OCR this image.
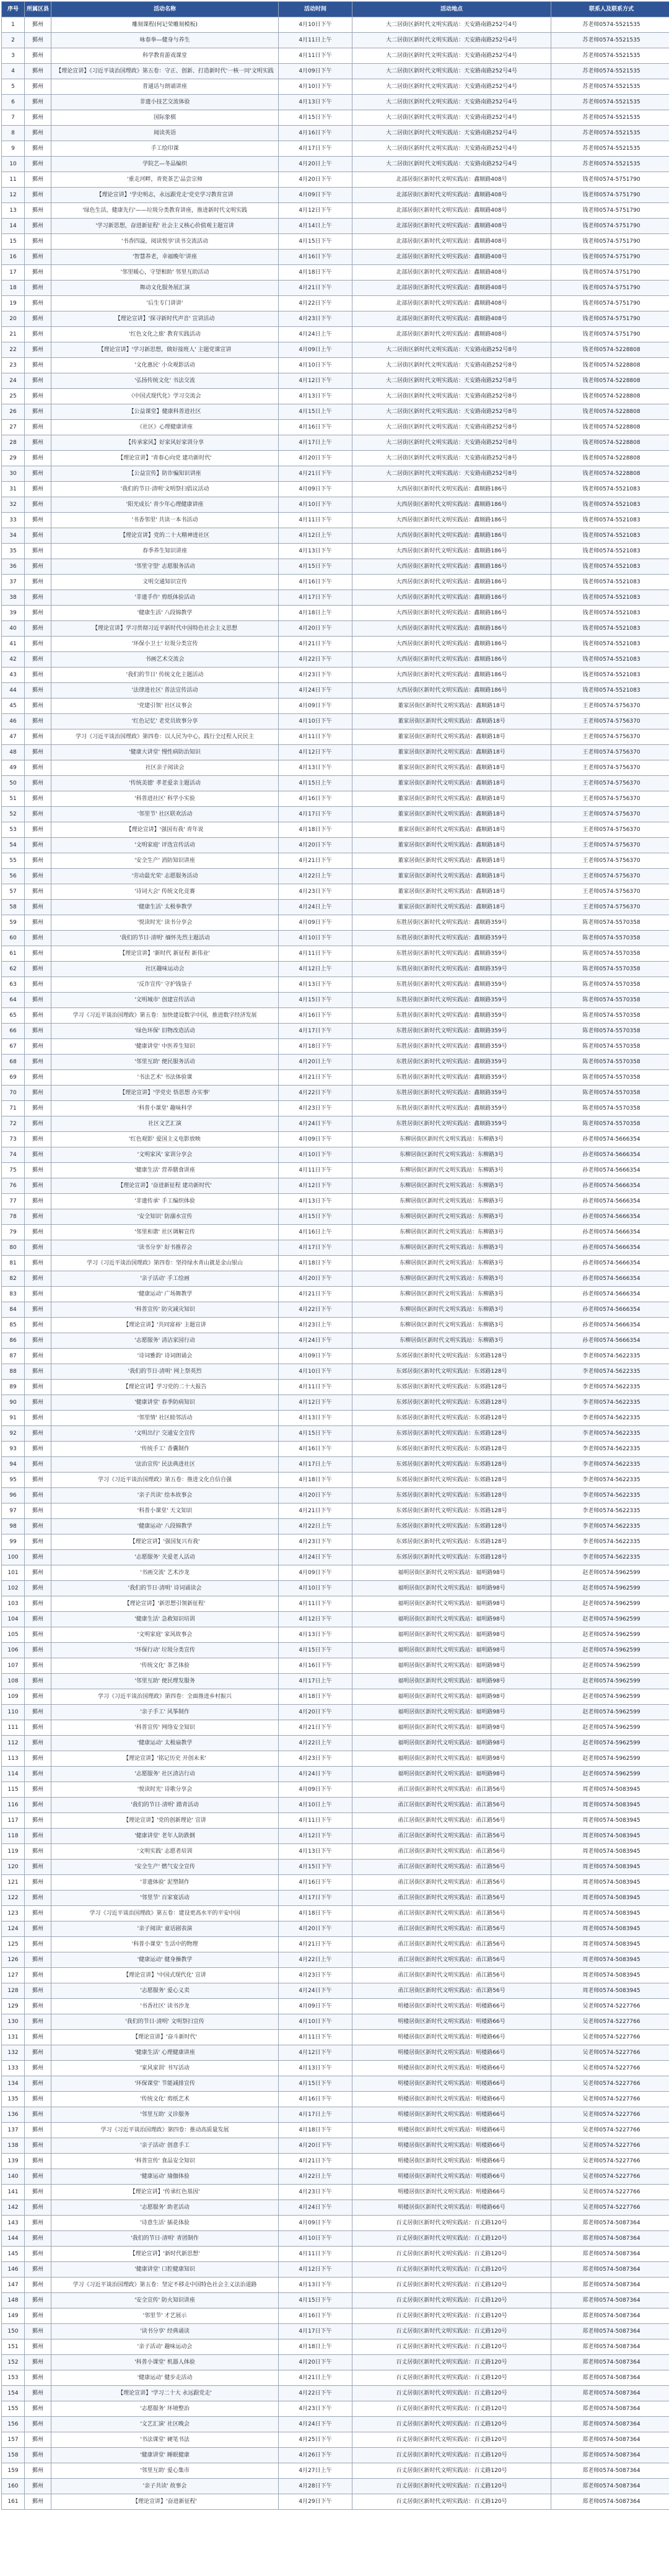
序号	所属区县	活动名称	活动时间	活动地点	联系人及联系方式
1	鄞州	雕刻课程(何记荣雕刻模板)	4月10日下午	大二居街区新时代文明实践站：天安路南路252号4号	苏老师0574-5521535
2	鄞州	咏春拳—健身与养生	4月11日上午	大二居街区新时代文明实践站：天安路南路252号4号	苏老师0574-5521535
3	鄞州	科学教育游戏课堂	4月11日下午	大二居街区新时代文明实践站：天安路南路252号4号	苏老师0574-5521535
4	鄞州	【理论宣讲】《习近平谈治国理政》第五卷：守正、创新、打造新时代'一核一同'文明实践	4月09日下午	大二居街区新时代文明实践站：天安路南路252号4号	苏老师0574-5521535
5	鄞州	普通话与朗诵讲座	4月10日下午	大二居街区新时代文明实践站：天安路南路252号4号	苏老师0574-5521535
6	鄞州	非遗小技艺交流体验	4月13日下午	大二居街区新时代文明实践站：天安路南路252号4号	苏老师0574-5521535
7	鄞州	国际象棋	4月15日下午	大二居街区新时代文明实践站：天安路南路252号4号	苏老师0574-5521535
8	鄞州	阅读英语	4月16日下午	大二居街区新时代文明实践站：天安路南路252号4号	苏老师0574-5521535
9	鄞州	手工绘印课	4月17日下午	大二居街区新时代文明实践站：天安路南路252号4号	苏老师0574-5521535
10	鄞州	学院艺—冬品编织	4月20日上午	大二居街区新时代文明实践站：天安路南路252号4号	苏老师0574-5521535
11	鄞州	'重走河畔，青瓷茶艺'品尝宗师	4月20日下午	北部居街区新时代文明实践站：鑫顺路408号	钱老师0574-5751790
12	鄞州	【理论宣讲】'学史明志，永远跟党走'党史学习教育宣讲	4月09日下午	北部居街区新时代文明实践站：鑫顺路408号	钱老师0574-5751790
13	鄞州	'绿色生活，健康先行'——垃圾分类教育讲座，推进新时代文明实践	4月12日下午	北部居街区新时代文明实践站：鑫顺路408号	钱老师0574-5751790
14	鄞州	'学习新思想，奋进新征程' 社会主义核心价值观主题宣讲	4月14日上午	北部居街区新时代文明实践站：鑫顺路408号	钱老师0574-5751790
15	鄞州	'书香四溢，阅读悦享'读书交流活动	4月15日下午	北部居街区新时代文明实践站：鑫顺路408号	钱老师0574-5751790
16	鄞州	'智慧养老，幸福晚年'讲座	4月16日下午	北部居街区新时代文明实践站：鑫顺路408号	钱老师0574-5751790
17	鄞州	'邻里暖心，守望相助' 邻里互助活动	4月18日下午	北部居街区新时代文明实践站：鑫顺路408号	钱老师0574-5751790
18	鄞州	舞动文化服务展汇演	4月21日下午	北部居街区新时代文明实践站：鑫顺路408号	钱老师0574-5751790
19	鄞州	'后生专门讲讲'	4月22日下午	北部居街区新时代文明实践站：鑫顺路408号	钱老师0574-5751790
20	鄞州	【理论宣讲】'探寻新时代声音' 宣讲活动	4月23日下午	北部居街区新时代文明实践站：鑫顺路408号	钱老师0574-5751790
21	鄞州	'红色文化之旅' 教育实践活动	4月24日上午	北部居街区新时代文明实践站：鑫顺路408号	钱老师0574-5751790
22	鄞州	【理论宣讲】'学习新思想，做好接班人' 主题党课宣讲	4月09日上午	大二居街区新时代文明实践站：天安路南路252号8号	钱老师0574-5228808
23	鄞州	'文化惠民' 小众观影活动	4月10日下午	大二居街区新时代文明实践站：天安路南路252号8号	钱老师0574-5228808
24	鄞州	'弘扬传统文化' 书法交流	4月12日下午	大二居街区新时代文明实践站：天安路南路252号8号	钱老师0574-5228808
25	鄞州	《中国式现代化》学习交流会	4月13日下午	大二居街区新时代文明实践站：天安路南路252号8号	钱老师0574-5228808
26	鄞州	【公益课堂】健康科普进社区	4月15日上午	大二居街区新时代文明实践站：天安路南路252号8号	钱老师0574-5228808
27	鄞州	《社区》心理健康讲座	4月16日下午	大二居街区新时代文明实践站：天安路南路252号8号	钱老师0574-5228808
28	鄞州	【传承家风】好家风好家训分享	4月17日上午	大二居街区新时代文明实践站：天安路南路252号8号	钱老师0574-5228808
29	鄞州	【理论宣讲】'青春心向党 建功新时代'	4月20日下午	大二居街区新时代文明实践站：天安路南路252号8号	钱老师0574-5228808
30	鄞州	【公益宣传】防诈骗知识讲座	4月21日下午	大二居街区新时代文明实践站：天安路南路252号8号	钱老师0574-5228808
31	鄞州	'我们的节日·清明'文明祭扫倡议活动	4月09日下午	大西居街区新时代文明实践站：鑫顺路186号	钱老师0574-5521083
32	鄞州	'阳光成长' 青少年心理健康讲座	4月10日下午	大西居街区新时代文明实践站：鑫顺路186号	钱老师0574-5521083
33	鄞州	'书香邻里' 共读一本书活动	4月11日下午	大西居街区新时代文明实践站：鑫顺路186号	钱老师0574-5521083
34	鄞州	【理论宣讲】党的二十大精神进社区	4月12日上午	大西居街区新时代文明实践站：鑫顺路186号	钱老师0574-5521083
35	鄞州	春季养生知识讲座	4月13日下午	大西居街区新时代文明实践站：鑫顺路186号	钱老师0574-5521083
36	鄞州	'邻里守望' 志愿服务活动	4月15日下午	大西居街区新时代文明实践站：鑫顺路186号	钱老师0574-5521083
37	鄞州	文明交通知识宣传	4月16日下午	大西居街区新时代文明实践站：鑫顺路186号	钱老师0574-5521083
38	鄞州	'非遗手作' 剪纸体验活动	4月17日下午	大西居街区新时代文明实践站：鑫顺路186号	钱老师0574-5521083
39	鄞州	'健康生活' 八段锦教学	4月18日上午	大西居街区新时代文明实践站：鑫顺路186号	钱老师0574-5521083
40	鄞州	【理论宣讲】学习贯彻习近平新时代中国特色社会主义思想	4月20日下午	大西居街区新时代文明实践站：鑫顺路186号	钱老师0574-5521083
41	鄞州	'环保小卫士' 垃圾分类宣传	4月21日下午	大西居街区新时代文明实践站：鑫顺路186号	钱老师0574-5521083
42	鄞州	书画艺术交流会	4月22日下午	大西居街区新时代文明实践站：鑫顺路186号	钱老师0574-5521083
43	鄞州	'我们的节日' 传统文化主题活动	4月23日下午	大西居街区新时代文明实践站：鑫顺路186号	钱老师0574-5521083
44	鄞州	'法律进社区' 普法宣传活动	4月24日下午	大西居街区新时代文明实践站：鑫顺路186号	钱老师0574-5521083
45	鄞州	'党建引领' 社区议事会	4月09日下午	董家居街区新时代文明实践站：鑫顺路18号	王老师0574-5756370
46	鄞州	'红色记忆' 老党员故事分享	4月10日下午	董家居街区新时代文明实践站：鑫顺路18号	王老师0574-5756370
47	鄞州	学习《习近平谈治国理政》第四卷：以人民为中心，践行全过程人民民主	4月11日下午	董家居街区新时代文明实践站：鑫顺路18号	王老师0574-5756370
48	鄞州	'健康大讲堂' 慢性病防治知识	4月12日下午	董家居街区新时代文明实践站：鑫顺路18号	王老师0574-5756370
49	鄞州	社区亲子阅读会	4月13日下午	董家居街区新时代文明实践站：鑫顺路18号	王老师0574-5756370
50	鄞州	'传统美德' 孝老爱亲主题活动	4月15日上午	董家居街区新时代文明实践站：鑫顺路18号	王老师0574-5756370
51	鄞州	'科普进社区' 科学小实验	4月16日下午	董家居街区新时代文明实践站：鑫顺路18号	王老师0574-5756370
52	鄞州	'邻里节' 社区联欢活动	4月17日下午	董家居街区新时代文明实践站：鑫顺路18号	王老师0574-5756370
53	鄞州	【理论宣讲】'强国有我' 青年说	4月18日下午	董家居街区新时代文明实践站：鑫顺路18号	王老师0574-5756370
54	鄞州	'文明家庭' 评选宣传活动	4月20日下午	董家居街区新时代文明实践站：鑫顺路18号	王老师0574-5756370
55	鄞州	'安全生产' 消防知识讲座	4月21日下午	董家居街区新时代文明实践站：鑫顺路18号	王老师0574-5756370
56	鄞州	'劳动最光荣' 志愿服务活动	4月22日上午	董家居街区新时代文明实践站：鑫顺路18号	王老师0574-5756370
57	鄞州	'诗词大会' 传统文化竞赛	4月23日下午	董家居街区新时代文明实践站：鑫顺路18号	王老师0574-5756370
58	鄞州	'健康生活' 太极拳教学	4月24日上午	董家居街区新时代文明实践站：鑫顺路18号	王老师0574-5756370
59	鄞州	'悦读时光' 读书分享会	4月09日下午	东胜居街区新时代文明实践站：鑫顺路359号	陈老师0574-5570358
60	鄞州	'我们的节日·清明' 缅怀先烈主题活动	4月10日下午	东胜居街区新时代文明实践站：鑫顺路359号	陈老师0574-5570358
61	鄞州	【理论宣讲】'新时代 新征程 新伟业'	4月11日下午	东胜居街区新时代文明实践站：鑫顺路359号	陈老师0574-5570358
62	鄞州	社区趣味运动会	4月12日上午	东胜居街区新时代文明实践站：鑫顺路359号	陈老师0574-5570358
63	鄞州	'反诈宣传' 守护钱袋子	4月13日下午	东胜居街区新时代文明实践站：鑫顺路359号	陈老师0574-5570358
64	鄞州	'文明城市' 创建宣传活动	4月15日下午	东胜居街区新时代文明实践站：鑫顺路359号	陈老师0574-5570358
65	鄞州	学习《习近平谈治国理政》第五卷：加快建设数字中国，推进数字经济发展	4月16日下午	东胜居街区新时代文明实践站：鑫顺路359号	陈老师0574-5570358
66	鄞州	'绿色环保' 旧物改造活动	4月17日下午	东胜居街区新时代文明实践站：鑫顺路359号	陈老师0574-5570358
67	鄞州	'健康讲堂' 中医养生知识	4月18日下午	东胜居街区新时代文明实践站：鑫顺路359号	陈老师0574-5570358
68	鄞州	'邻里互助' 便民服务活动	4月20日上午	东胜居街区新时代文明实践站：鑫顺路359号	陈老师0574-5570358
69	鄞州	'书法艺术' 书法体验课	4月21日下午	东胜居街区新时代文明实践站：鑫顺路359号	陈老师0574-5570358
70	鄞州	【理论宣讲】'学党史 悟思想 办实事'	4月22日下午	东胜居街区新时代文明实践站：鑫顺路359号	陈老师0574-5570358
71	鄞州	'科普小课堂' 趣味科学	4月23日下午	东胜居街区新时代文明实践站：鑫顺路359号	陈老师0574-5570358
72	鄞州	社区文艺汇演	4月24日下午	东胜居街区新时代文明实践站：鑫顺路359号	陈老师0574-5570358
73	鄞州	'红色观影' 爱国主义电影放映	4月09日下午	东柳居街区新时代文明实践站：东柳路3号	孙老师0574-5666354
74	鄞州	'文明家风' 家训分享会	4月10日下午	东柳居街区新时代文明实践站：东柳路3号	孙老师0574-5666354
75	鄞州	'健康生活' 营养膳食讲座	4月11日下午	东柳居街区新时代文明实践站：东柳路3号	孙老师0574-5666354
76	鄞州	【理论宣讲】'奋进新征程 建功新时代'	4月12日下午	东柳居街区新时代文明实践站：东柳路3号	孙老师0574-5666354
77	鄞州	'非遗传承' 手工编织体验	4月13日下午	东柳居街区新时代文明实践站：东柳路3号	孙老师0574-5666354
78	鄞州	'安全知识' 防溺水宣传	4月15日下午	东柳居街区新时代文明实践站：东柳路3号	孙老师0574-5666354
79	鄞州	'邻里和谐' 社区调解宣传	4月16日上午	东柳居街区新时代文明实践站：东柳路3号	孙老师0574-5666354
80	鄞州	'读书分享' 好书推荐会	4月17日下午	东柳居街区新时代文明实践站：东柳路3号	孙老师0574-5666354
81	鄞州	学习《习近平谈治国理政》第四卷：坚持绿水青山就是金山银山	4月18日下午	东柳居街区新时代文明实践站：东柳路3号	孙老师0574-5666354
82	鄞州	'亲子活动' 手工绘画	4月20日下午	东柳居街区新时代文明实践站：东柳路3号	孙老师0574-5666354
83	鄞州	'健康运动' 广场舞教学	4月21日下午	东柳居街区新时代文明实践站：东柳路3号	孙老师0574-5666354
84	鄞州	'科普宣传' 防灾减灾知识	4月22日下午	东柳居街区新时代文明实践站：东柳路3号	孙老师0574-5666354
85	鄞州	【理论宣讲】'共同富裕' 主题宣讲	4月23日上午	东柳居街区新时代文明实践站：东柳路3号	孙老师0574-5666354
86	鄞州	'志愿服务' 清洁家园行动	4月24日下午	东柳居街区新时代文明实践站：东柳路3号	孙老师0574-5666354
87	鄞州	'诗词雅韵' 诗词朗诵会	4月09日下午	东郊居街区新时代文明实践站：东郊路128号	李老师0574-5622335
88	鄞州	'我们的节日·清明' 网上祭英烈	4月10日下午	东郊居街区新时代文明实践站：东郊路128号	李老师0574-5622335
89	鄞州	【理论宣讲】学习党的二十大报告	4月11日下午	东郊居街区新时代文明实践站：东郊路128号	李老师0574-5622335
90	鄞州	'健康讲堂' 春季防病知识	4月12日下午	东郊居街区新时代文明实践站：东郊路128号	李老师0574-5622335
91	鄞州	'邻里情' 社区睦邻活动	4月13日下午	东郊居街区新时代文明实践站：东郊路128号	李老师0574-5622335
92	鄞州	'文明出行' 交通安全宣传	4月15日下午	东郊居街区新时代文明实践站：东郊路128号	李老师0574-5622335
93	鄞州	'传统手工' 香囊制作	4月16日下午	东郊居街区新时代文明实践站：东郊路128号	李老师0574-5622335
94	鄞州	'法治宣传' 民法典进社区	4月17日上午	东郊居街区新时代文明实践站：东郊路128号	李老师0574-5622335
95	鄞州	学习《习近平谈治国理政》第五卷：推进文化自信自强	4月18日下午	东郊居街区新时代文明实践站：东郊路128号	李老师0574-5622335
96	鄞州	'亲子共读' 绘本故事会	4月20日下午	东郊居街区新时代文明实践站：东郊路128号	李老师0574-5622335
97	鄞州	'科普小课堂' 天文知识	4月21日下午	东郊居街区新时代文明实践站：东郊路128号	李老师0574-5622335
98	鄞州	'健康运动' 八段锦教学	4月22日上午	东郊居街区新时代文明实践站：东郊路128号	李老师0574-5622335
99	鄞州	【理论宣讲】'强国复兴有我'	4月23日下午	东郊居街区新时代文明实践站：东郊路128号	李老师0574-5622335
100	鄞州	'志愿服务' 关爱老人活动	4月24日下午	东郊居街区新时代文明实践站：东郊路128号	李老师0574-5622335
101	鄞州	'书画交流' 艺术沙龙	4月09日下午	福明居街区新时代文明实践站：福明路98号	赵老师0574-5962599
102	鄞州	'我们的节日·清明' 诗词诵读会	4月10日下午	福明居街区新时代文明实践站：福明路98号	赵老师0574-5962599
103	鄞州	【理论宣讲】'新思想引领新征程'	4月11日下午	福明居街区新时代文明实践站：福明路98号	赵老师0574-5962599
104	鄞州	'健康生活' 急救知识培训	4月12日下午	福明居街区新时代文明实践站：福明路98号	赵老师0574-5962599
105	鄞州	'文明家庭' 家风故事会	4月13日下午	福明居街区新时代文明实践站：福明路98号	赵老师0574-5962599
106	鄞州	'环保行动' 垃圾分类宣传	4月15日下午	福明居街区新时代文明实践站：福明路98号	赵老师0574-5962599
107	鄞州	'传统文化' 茶艺体验	4月16日下午	福明居街区新时代文明实践站：福明路98号	赵老师0574-5962599
108	鄞州	'邻里互助' 便民理发服务	4月17日上午	福明居街区新时代文明实践站：福明路98号	赵老师0574-5962599
109	鄞州	学习《习近平谈治国理政》第四卷：全面推进乡村振兴	4月18日下午	福明居街区新时代文明实践站：福明路98号	赵老师0574-5962599
110	鄞州	'亲子手工' 风筝制作	4月20日下午	福明居街区新时代文明实践站：福明路98号	赵老师0574-5962599
111	鄞州	'科普宣传' 网络安全知识	4月21日下午	福明居街区新时代文明实践站：福明路98号	赵老师0574-5962599
112	鄞州	'健康运动' 太极扇教学	4月22日上午	福明居街区新时代文明实践站：福明路98号	赵老师0574-5962599
113	鄞州	【理论宣讲】'铭记历史 开创未来'	4月23日下午	福明居街区新时代文明实践站：福明路98号	赵老师0574-5962599
114	鄞州	'志愿服务' 社区清洁行动	4月24日下午	福明居街区新时代文明实践站：福明路98号	赵老师0574-5962599
115	鄞州	'悦读时光' 诗歌分享会	4月09日下午	甬江居街区新时代文明实践站：甬江路56号	周老师0574-5083945
116	鄞州	'我们的节日·清明' 踏青活动	4月10日上午	甬江居街区新时代文明实践站：甬江路56号	周老师0574-5083945
117	鄞州	【理论宣讲】'党的创新理论' 宣讲	4月11日下午	甬江居街区新时代文明实践站：甬江路56号	周老师0574-5083945
118	鄞州	'健康讲堂' 老年人防跌倒	4月12日下午	甬江居街区新时代文明实践站：甬江路56号	周老师0574-5083945
119	鄞州	'文明实践' 志愿者培训	4月13日下午	甬江居街区新时代文明实践站：甬江路56号	周老师0574-5083945
120	鄞州	'安全生产' 燃气安全宣传	4月15日下午	甬江居街区新时代文明实践站：甬江路56号	周老师0574-5083945
121	鄞州	'非遗体验' 泥塑制作	4月16日下午	甬江居街区新时代文明实践站：甬江路56号	周老师0574-5083945
122	鄞州	'邻里节' 百家宴活动	4月17日下午	甬江居街区新时代文明实践站：甬江路56号	周老师0574-5083945
123	鄞州	学习《习近平谈治国理政》第五卷：建设更高水平的平安中国	4月18日下午	甬江居街区新时代文明实践站：甬江路56号	周老师0574-5083945
124	鄞州	'亲子阅读' 童话剧表演	4月20日下午	甬江居街区新时代文明实践站：甬江路56号	周老师0574-5083945
125	鄞州	'科普小课堂' 生活中的物理	4月21日下午	甬江居街区新时代文明实践站：甬江路56号	周老师0574-5083945
126	鄞州	'健康运动' 健身操教学	4月22日上午	甬江居街区新时代文明实践站：甬江路56号	周老师0574-5083945
127	鄞州	【理论宣讲】'中国式现代化' 宣讲	4月23日下午	甬江居街区新时代文明实践站：甬江路56号	周老师0574-5083945
128	鄞州	'志愿服务' 爱心义卖	4月24日下午	甬江居街区新时代文明实践站：甬江路56号	周老师0574-5083945
129	鄞州	'书香社区' 读书沙龙	4月09日下午	明楼居街区新时代文明实践站：明楼路66号	吴老师0574-5227766
130	鄞州	'我们的节日·清明' 文明祭扫宣传	4月10日下午	明楼居街区新时代文明实践站：明楼路66号	吴老师0574-5227766
131	鄞州	【理论宣讲】'奋斗新时代'	4月11日下午	明楼居街区新时代文明实践站：明楼路66号	吴老师0574-5227766
132	鄞州	'健康生活' 心理健康讲座	4月12日下午	明楼居街区新时代文明实践站：明楼路66号	吴老师0574-5227766
133	鄞州	'家风家训' 书写活动	4月13日下午	明楼居街区新时代文明实践站：明楼路66号	吴老师0574-5227766
134	鄞州	'环保课堂' 节能减排宣传	4月15日下午	明楼居街区新时代文明实践站：明楼路66号	吴老师0574-5227766
135	鄞州	'传统文化' 剪纸艺术	4月16日下午	明楼居街区新时代文明实践站：明楼路66号	吴老师0574-5227766
136	鄞州	'邻里互助' 义诊服务	4月17日上午	明楼居街区新时代文明实践站：明楼路66号	吴老师0574-5227766
137	鄞州	学习《习近平谈治国理政》第四卷：推动高质量发展	4月18日下午	明楼居街区新时代文明实践站：明楼路66号	吴老师0574-5227766
138	鄞州	'亲子活动' 创意手工	4月20日下午	明楼居街区新时代文明实践站：明楼路66号	吴老师0574-5227766
139	鄞州	'科普宣传' 食品安全知识	4月21日下午	明楼居街区新时代文明实践站：明楼路66号	吴老师0574-5227766
140	鄞州	'健康运动' 瑜伽体验	4月22日上午	明楼居街区新时代文明实践站：明楼路66号	吴老师0574-5227766
141	鄞州	【理论宣讲】'传承红色基因'	4月23日下午	明楼居街区新时代文明实践站：明楼路66号	吴老师0574-5227766
142	鄞州	'志愿服务' 助老活动	4月24日下午	明楼居街区新时代文明实践站：明楼路66号	吴老师0574-5227766
143	鄞州	'诗意生活' 插花体验	4月09日下午	百丈居街区新时代文明实践站：百丈路120号	郑老师0574-5087364
144	鄞州	'我们的节日·清明' 青团制作	4月10日下午	百丈居街区新时代文明实践站：百丈路120号	郑老师0574-5087364
145	鄞州	【理论宣讲】'新时代新思想'	4月11日下午	百丈居街区新时代文明实践站：百丈路120号	郑老师0574-5087364
146	鄞州	'健康讲堂' 口腔健康知识	4月12日下午	百丈居街区新时代文明实践站：百丈路120号	郑老师0574-5087364
147	鄞州	学习《习近平谈治国理政》第五卷：坚定不移走中国特色社会主义法治道路	4月13日下午	百丈居街区新时代文明实践站：百丈路120号	郑老师0574-5087364
148	鄞州	'安全宣传' 防火知识讲座	4月15日下午	百丈居街区新时代文明实践站：百丈路120号	郑老师0574-5087364
149	鄞州	'邻里节' 才艺展示	4月16日下午	百丈居街区新时代文明实践站：百丈路120号	郑老师0574-5087364
150	鄞州	'读书分享' 经典诵读	4月17日下午	百丈居街区新时代文明实践站：百丈路120号	郑老师0574-5087364
151	鄞州	'亲子活动' 趣味运动会	4月18日上午	百丈居街区新时代文明实践站：百丈路120号	郑老师0574-5087364
152	鄞州	'科普小课堂' 机器人体验	4月20日下午	百丈居街区新时代文明实践站：百丈路120号	郑老师0574-5087364
153	鄞州	'健康运动' 健步走活动	4月21日上午	百丈居街区新时代文明实践站：百丈路120号	郑老师0574-5087364
154	鄞州	【理论宣讲】'学习二十大 永远跟党走'	4月22日下午	百丈居街区新时代文明实践站：百丈路120号	郑老师0574-5087364
155	鄞州	'志愿服务' 环境整治	4月23日下午	百丈居街区新时代文明实践站：百丈路120号	郑老师0574-5087364
156	鄞州	'文艺汇演' 社区晚会	4月24日下午	百丈居街区新时代文明实践站：百丈路120号	郑老师0574-5087364
157	鄞州	'书法课堂' 硬笔书法	4月25日下午	百丈居街区新时代文明实践站：百丈路120号	郑老师0574-5087364
158	鄞州	'健康讲堂' 睡眠健康	4月26日下午	百丈居街区新时代文明实践站：百丈路120号	郑老师0574-5087364
159	鄞州	'邻里互助' 爱心集市	4月27日上午	百丈居街区新时代文明实践站：百丈路120号	郑老师0574-5087364
160	鄞州	'亲子共读' 故事会	4月28日下午	百丈居街区新时代文明实践站：百丈路120号	郑老师0574-5087364
161	鄞州	【理论宣讲】'奋进新征程'	4月29日下午	百丈居街区新时代文明实践站：百丈路120号	郑老师0574-5087364
